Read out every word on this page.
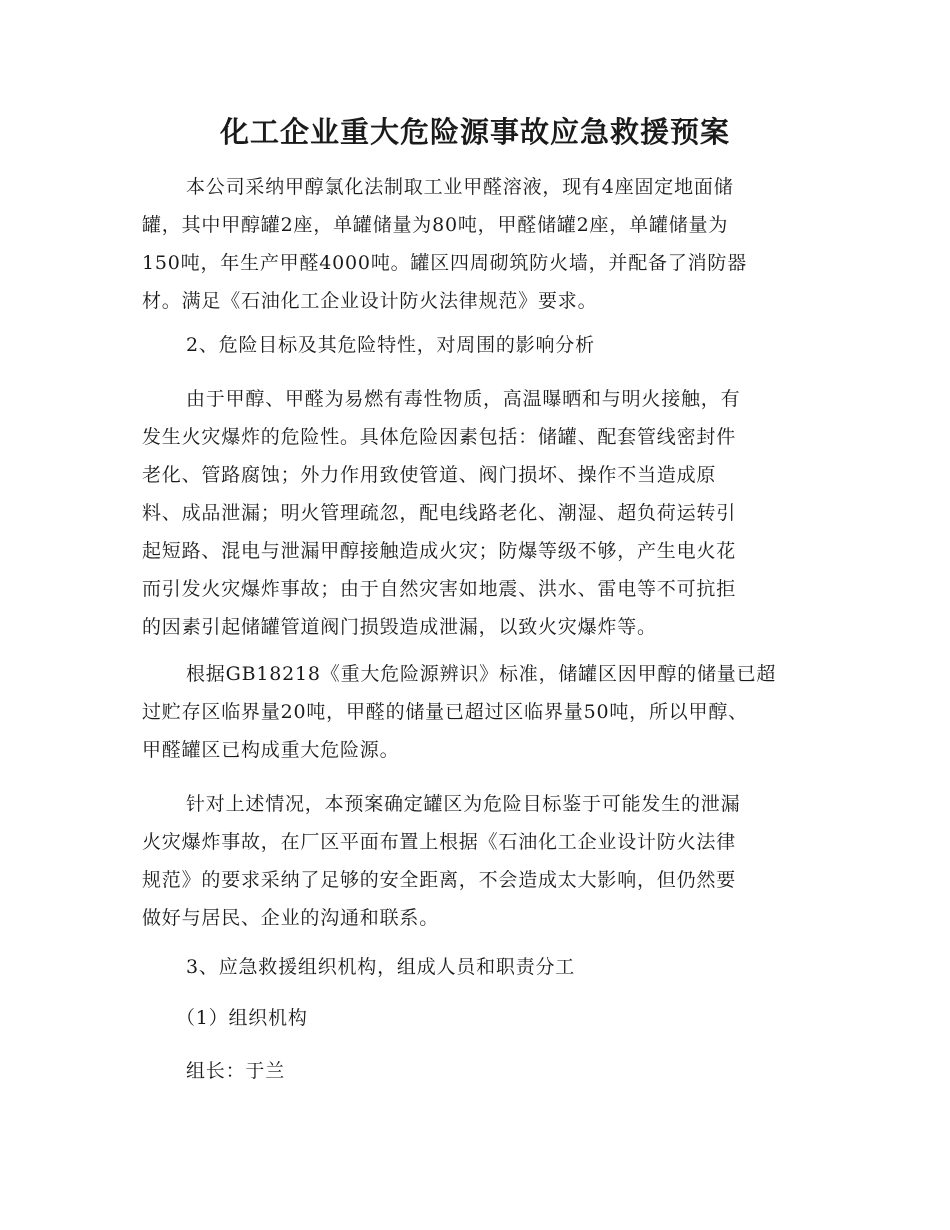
化工企业重大危险源事故应急救援预案
本公司采纳甲醇氯化法制取工业甲醛溶液，现有4座固定地面储
罐，其中甲醇罐2座，单罐储量为80吨，甲醛储罐2座，单罐储量为
150吨，年生产甲醛4000吨。罐区四周砌筑防火墙，并配备了消防器
材。满足《石油化工企业设计防火法律规范》要求。
2、危险目标及其危险特性，对周围的影响分析
由于甲醇、甲醛为易燃有毒性物质，高温曝晒和与明火接触，有
发生火灾爆炸的危险性。具体危险因素包括：储罐、配套管线密封件
老化、管路腐蚀；外力作用致使管道、阀门损坏、操作不当造成原
料、成品泄漏；明火管理疏忽，配电线路老化、潮湿、超负荷运转引
起短路、混电与泄漏甲醇接触造成火灾；防爆等级不够，产生电火花
而引发火灾爆炸事故；由于自然灾害如地震、洪水、雷电等不可抗拒
的因素引起储罐管道阀门损毁造成泄漏，以致火灾爆炸等。
根据GB18218《重大危险源辨识》标准，储罐区因甲醇的储量已超
过贮存区临界量20吨，甲醛的储量已超过区临界量50吨，所以甲醇、
甲醛罐区已构成重大危险源。
针对上述情况，本预案确定罐区为危险目标鉴于可能发生的泄漏
火灾爆炸事故，在厂区平面布置上根据《石油化工企业设计防火法律
规范》的要求采纳了足够的安全距离，不会造成太大影响，但仍然要
做好与居民、企业的沟通和联系。
3、应急救援组织机构，组成人员和职责分工
（1）组织机构
组长：于兰
